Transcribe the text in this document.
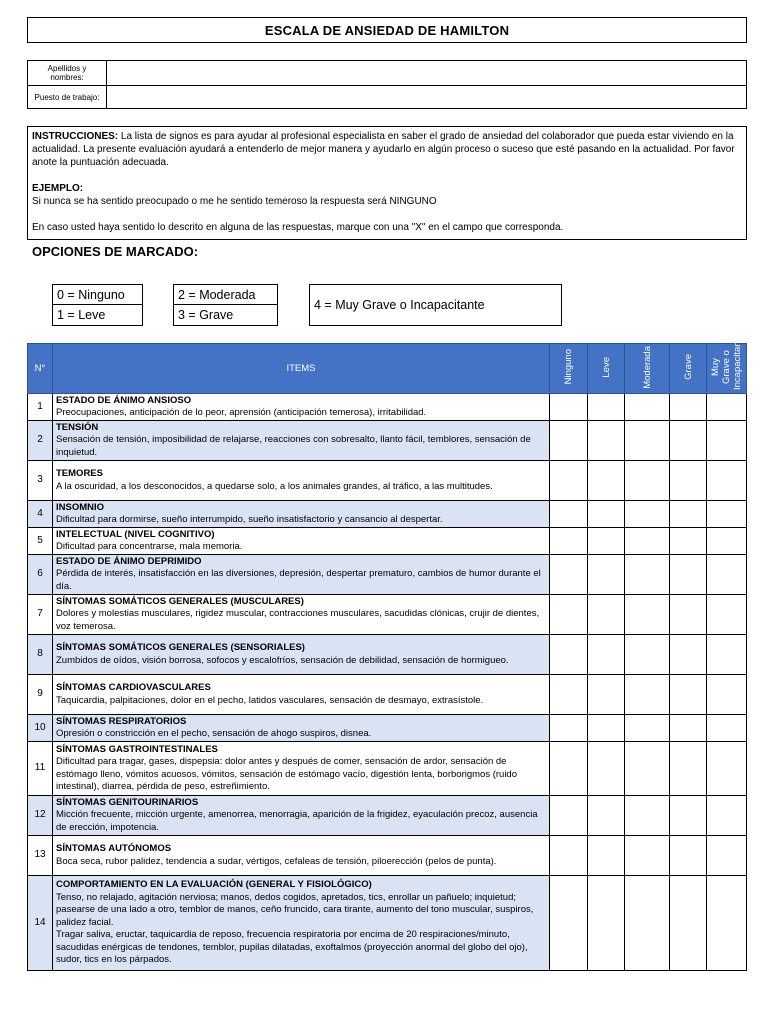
ESCALA DE ANSIEDAD DE HAMILTON
Apellidos y nombres:	
Puesto de trabajo:	

INSTRUCCIONES: La lista de signos es para ayudar al profesional especialista en saber el grado de ansiedad del colaborador que pueda estar viviendo en la actualidad. La presente evaluación ayudará a entenderlo de mejor manera y ayudarlo en algún proceso o suceso que esté pasando en la actualidad. Por favor anote la puntuación adecuada.

EJEMPLO:

Si nunca se ha sentido preocupado o me he sentido temeroso la respuesta será NINGUNO

En caso usted haya sentido lo descrito en alguna de las respuestas, marque con una "X" en el campo que corresponda.

OPCIONES DE MARCADO:
0 = Ninguno
1 = Leve
2 = Moderada
3 = Grave
4 = Muy Grave o Incapacitante
N°	ITEMS	Ninguno	Leve	Moderada	Grave	Muy Grave o Incapacitante
1	ESTADO DE ÁNIMO ANSIOSO
Preocupaciones, anticipación de lo peor, aprensión (anticipación temerosa), irritabilidad.					
2	TENSIÓN
Sensación de tensión, imposibilidad de relajarse, reacciones con sobresalto, llanto fácil, temblores, sensación de inquietud.					
3	TEMORES
A la oscuridad, a los desconocidos, a quedarse solo, a los animales grandes, al tráfico, a las multitudes.					
4	INSOMNIO
Dificultad para dormirse, sueño interrumpido, sueño insatisfactorio y cansancio al despertar.					
5	INTELECTUAL (NIVEL COGNITIVO)
Dificultad para concentrarse, mala memoria.					
6	ESTADO DE ÁNIMO DEPRIMIDO
Pérdida de interés, insatisfacción en las diversiones, depresión, despertar prematuro, cambios de humor durante el día.					
7	SÍNTOMAS SOMÁTICOS GENERALES (MUSCULARES)
Dolores y molestias musculares, rigidez muscular, contracciones musculares, sacudidas clónicas, crujir de dientes, voz temerosa.					
8	SÍNTOMAS SOMÁTICOS GENERALES (SENSORIALES)
Zumbidos de oídos, visión borrosa, sofocos y escalofríos, sensación de debilidad, sensación de hormigueo.					
9	SÍNTOMAS CARDIOVASCULARES
Taquicardia, palpitaciones, dolor en el pecho, latidos vasculares, sensación de desmayo, extrasístole.					
10	SÍNTOMAS RESPIRATORIOS
Opresión o constricción en el pecho, sensación de ahogo suspiros, disnea.					
11	SÍNTOMAS GASTROINTESTINALES
Dificultad para tragar, gases, dispepsia: dolor antes y después de comer, sensación de ardor, sensación de estómago lleno, vómitos acuosos, vómitos, sensación de estómago vacío, digestión lenta, borborigmos (ruido intestinal), diarrea, pérdida de peso, estreñimiento.					
12	SÍNTOMAS GENITOURINARIOS
Micción frecuente, micción urgente, amenorrea, menorragia, aparición de la frigidez, eyaculación precoz, ausencia de erección, impotencia.					
13	SÍNTOMAS AUTÓNOMOS
Boca seca, rubor palidez, tendencia a sudar, vértigos, cefaleas de tensión, piloerección (pelos de punta).					
14	COMPORTAMIENTO EN LA EVALUACIÓN (GENERAL Y FISIOLÓGICO)
Tenso, no relajado, agitación nerviosa; manos, dedos cogidos, apretados, tics, enrollar un pañuelo; inquietud; pasearse de una lado a otro, temblor de manos, ceño fruncido, cara tirante, aumento del tono muscular, suspiros, palidez facial.
Tragar saliva, eructar, taquicardia de reposo, frecuencia respiratoria por encima de 20 respiraciones/minuto, sacudidas enérgicas de tendones, temblor, pupilas dilatadas, exoftalmos (proyección anormal del globo del ojo), sudor, tics en los párpados.					
